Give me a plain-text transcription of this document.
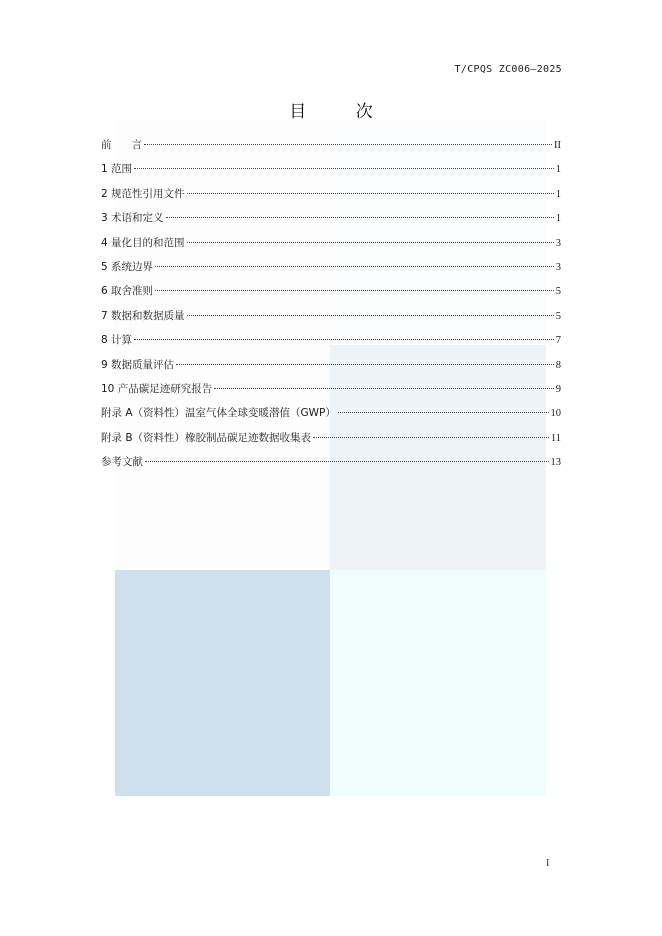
T/CPQS ZC006—2025
目 次
前      言	II
1 范围	1
2 规范性引用文件	1
3 术语和定义	1
4 量化目的和范围	3
5 系统边界	3
6 取舍准则	5
7 数据和数据质量	5
8 计算	7
9 数据质量评估	8
10 产品碳足迹研究报告	9
附录 A（资料性）温室气体全球变暖潜值（GWP）	10
附录 B（资料性）橡胶制品碳足迹数据收集表	11
参考文献	13
I
